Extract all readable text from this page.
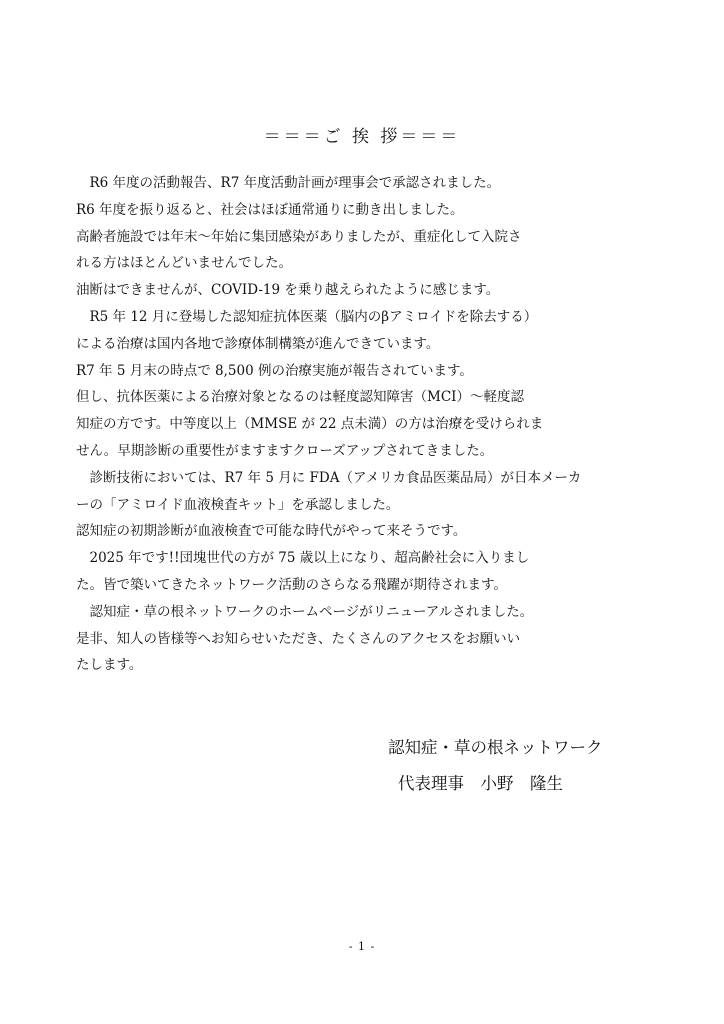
＝＝＝ご 挨 拶＝＝＝
　R6 年度の活動報告、R7 年度活動計画が理事会で承認されました。
R6 年度を振り返ると、社会はほぼ通常通りに動き出しました。
高齢者施設では年末～年始に集団感染がありましたが、重症化して入院さ
れる方はほとんどいませんでした。
油断はできませんが、COVID-19 を乗り越えられたように感じます。
　R5 年 12 月に登場した認知症抗体医薬（脳内のβアミロイドを除去する）
による治療は国内各地で診療体制構築が進んできています。
R7 年 5 月末の時点で 8,500 例の治療実施が報告されています。
但し、抗体医薬による治療対象となるのは軽度認知障害（MCI）～軽度認
知症の方です。中等度以上（MMSE が 22 点未満）の方は治療を受けられま
せん。早期診断の重要性がますますクローズアップされてきました。
　診断技術においては、R7 年 5 月に FDA（アメリカ食品医薬品局）が日本メーカ
ーの「アミロイド血液検査キット」を承認しました。
認知症の初期診断が血液検査で可能な時代がやって来そうです。
　2025 年です!!団塊世代の方が 75 歳以上になり、超高齢社会に入りまし
た。皆で築いてきたネットワーク活動のさらなる飛躍が期待されます。
　認知症・草の根ネットワークのホームページがリニューアルされました。
是非、知人の皆様等へお知らせいただき、たくさんのアクセスをお願いい
たします。
認知症・草の根ネットワーク
代表理事　小野　隆生
- 1 -
